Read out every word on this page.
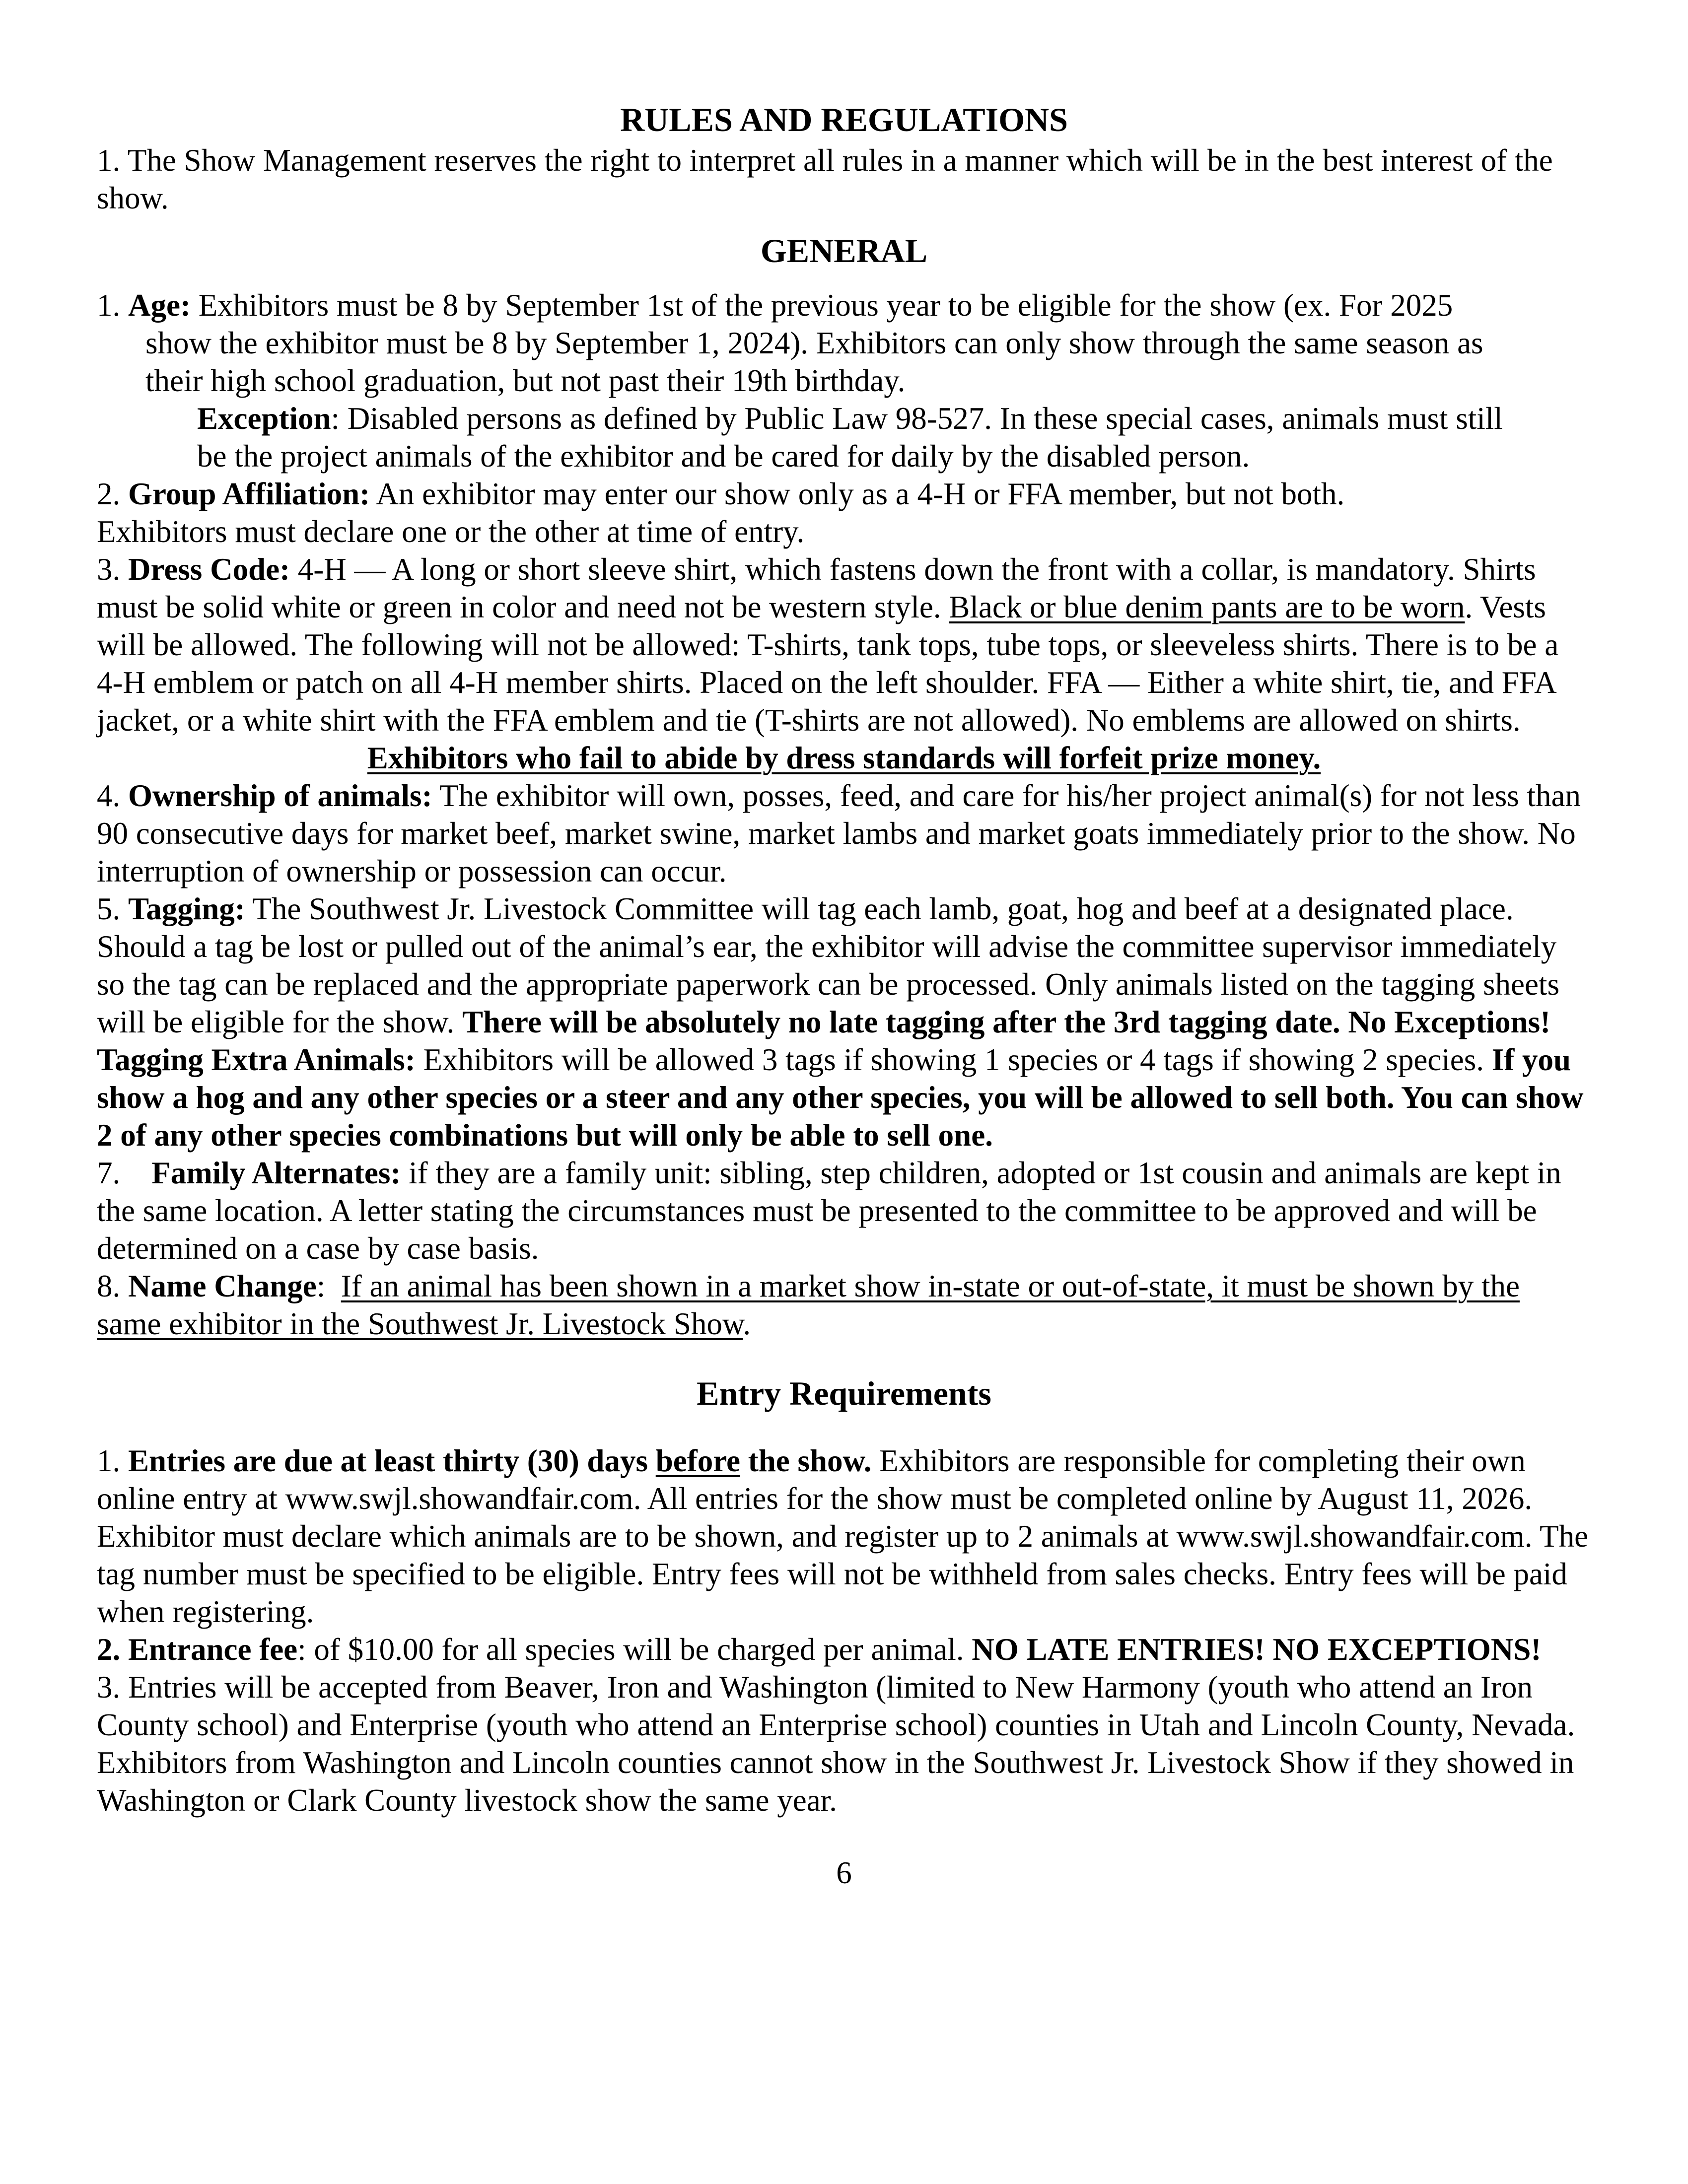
RULES AND REGULATIONS

1. The Show Management reserves the right to interpret all rules in a manner which will be in the best interest of the show.

GENERAL

1. Age: Exhibitors must be 8 by September 1st of the previous year to be eligible for the show (ex. For 2025

show the exhibitor must be 8 by September 1, 2024). Exhibitors can only show through the same season as

their high school graduation, but not past their 19th birthday.

Exception: Disabled persons as defined by Public Law 98-527. In these special cases, animals must still

be the project animals of the exhibitor and be cared for daily by the disabled person.

2. Group Affiliation: An exhibitor may enter our show only as a 4-H or FFA member, but not both.

Exhibitors must declare one or the other at time of entry.

3. Dress Code: 4-H — A long or short sleeve shirt, which fastens down the front with a collar, is mandatory. Shirts must be solid white or green in color and need not be western style. Black or blue denim pants are to be worn. Vests will be allowed. The following will not be allowed: T-shirts, tank tops, tube tops, or sleeveless shirts. There is to be a 4-H emblem or patch on all 4-H member shirts. Placed on the left shoulder. FFA — Either a white shirt, tie, and FFA jacket, or a white shirt with the FFA emblem and tie (T-shirts are not allowed). No emblems are allowed on shirts.

Exhibitors who fail to abide by dress standards will forfeit prize money.

4. Ownership of animals: The exhibitor will own, posses, feed, and care for his/her project animal(s) for not less than 90 consecutive days for market beef, market swine, market lambs and market goats immediately prior to the show. No interruption of ownership or possession can occur.

5. Tagging: The Southwest Jr. Livestock Committee will tag each lamb, goat, hog and beef at a designated place. Should a tag be lost or pulled out of the animal’s ear, the exhibitor will advise the committee supervisor immediately so the tag can be replaced and the appropriate paperwork can be processed. Only animals listed on the tagging sheets will be eligible for the show. There will be absolutely no late tagging after the 3rd tagging date. No Exceptions!

Tagging Extra Animals: Exhibitors will be allowed 3 tags if showing 1 species or 4 tags if showing 2 species. If you show a hog and any other species or a steer and any other species, you will be allowed to sell both. You can show 2 of any other species combinations but will only be able to sell one.

7.    Family Alternates: if they are a family unit: sibling, step children, adopted or 1st cousin and animals are kept in the same location. A letter stating the circumstances must be presented to the committee to be approved and will be determined on a case by case basis.

8. Name Change:  If an animal has been shown in a market show in-state or out-of-state, it must be shown by the same exhibitor in the Southwest Jr. Livestock Show.

Entry Requirements

1. Entries are due at least thirty (30) days before the show. Exhibitors are responsible for completing their own online entry at www.swjl.showandfair.com. All entries for the show must be completed online by August 11, 2026. Exhibitor must declare which animals are to be shown, and register up to 2 animals at www.swjl.showandfair.com. The tag number must be specified to be eligible. Entry fees will not be withheld from sales checks. Entry fees will be paid when registering.

2. Entrance fee: of $10.00 for all species will be charged per animal. NO LATE ENTRIES! NO EXCEPTIONS!

3. Entries will be accepted from Beaver, Iron and Washington (limited to New Harmony (youth who attend an Iron County school) and Enterprise (youth who attend an Enterprise school) counties in Utah and Lincoln County, Nevada. Exhibitors from Washington and Lincoln counties cannot show in the Southwest Jr. Livestock Show if they showed in Washington or Clark County livestock show the same year.

6
